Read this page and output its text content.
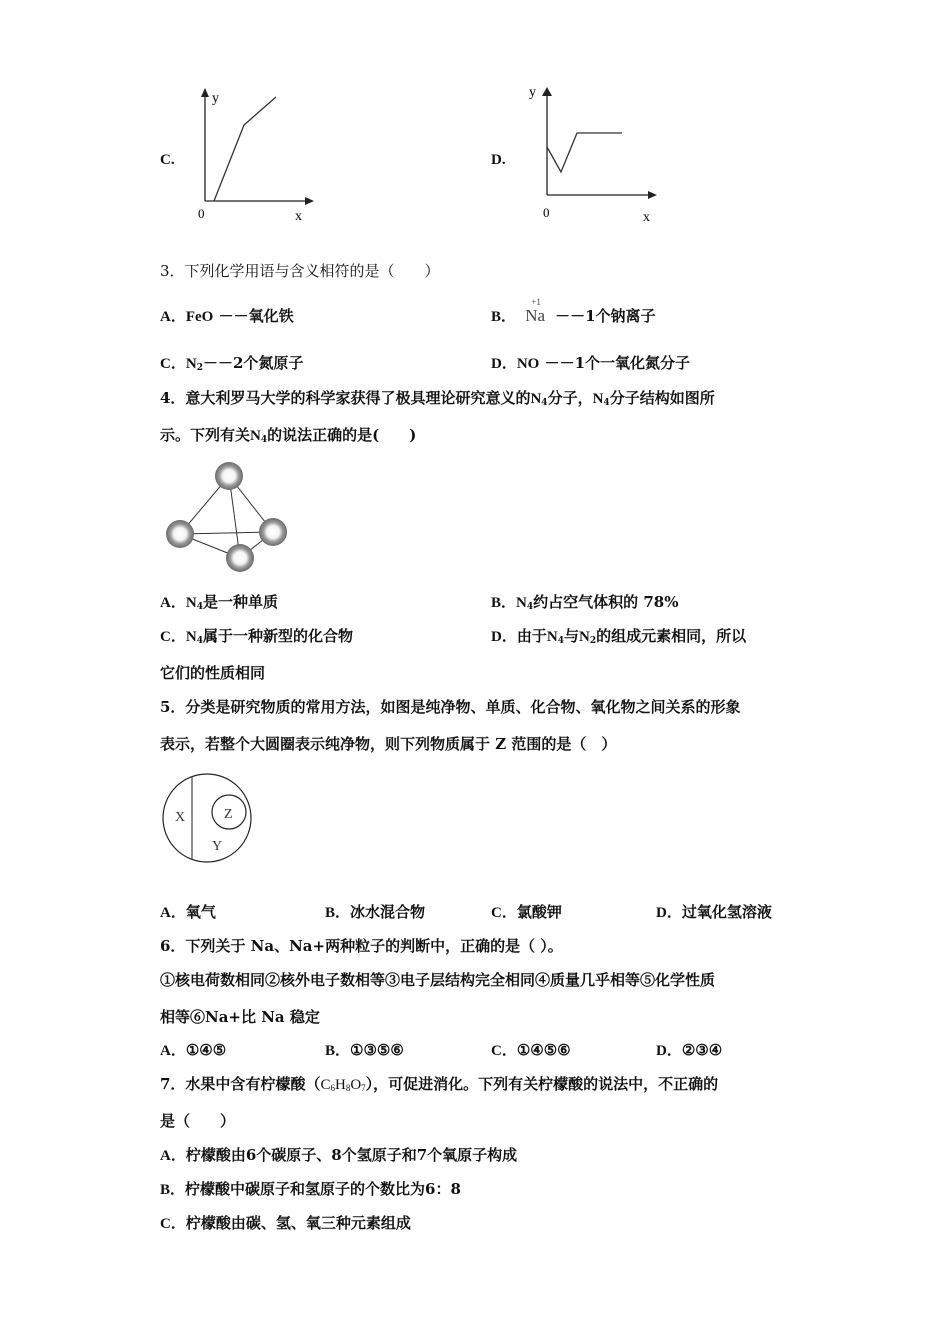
C.
y
0	x
D.
y
0	x
3．下列化学用语与含义相符的是（　　）
A．FeO －－氧化铁	B．
+1
Na －－1个钠离子
C．$N_2--2$个氮原子	D．NO －－1个一氧化氮分子
4．意大利罗马大学的科学家获得了极具理论研究意义的$N_4$分子，$N_4$分子结构如图所
示。下列有关$N_4$的说法正确的是(　　)
A．$N_4$是一种单质	B．$N_4$约占空气体积的 78%
C．$N_4$属于一种新型的化合物	D．由于$N_4$与$N_2$的组成元素相同，所以
它们的性质相同
5．分类是研究物质的常用方法，如图是纯净物、单质、化合物、氧化物之间关系的形象
表示，若整个大圆圈表示纯净物，则下列物质属于 Z 范围的是（　）
X	Z
Y
A．氧气	B．冰水混合物	C．氯酸钾	D．过氧化氢溶液
6．下列关于 Na、Na+两种粒子的判断中，正确的是（ ）。
①核电荷数相同②核外电子数相等③电子层结构完全相同④质量几乎相等⑤化学性质
相等⑥Na+比 Na 稳定
A．①④⑤	B．①③⑤⑥	C．①④⑤⑥	D．②③④
7．水果中含有柠檬酸$(C_6H_8O_7)$，可促进消化。下列有关柠檬酸的说法中，不正确的
是（　　）
A．柠檬酸由6个碳原子、8个氢原子和7个氧原子构成
B．柠檬酸中碳原子和氢原子的个数比为6：8
C．柠檬酸由碳、氢、氧三种元素组成
